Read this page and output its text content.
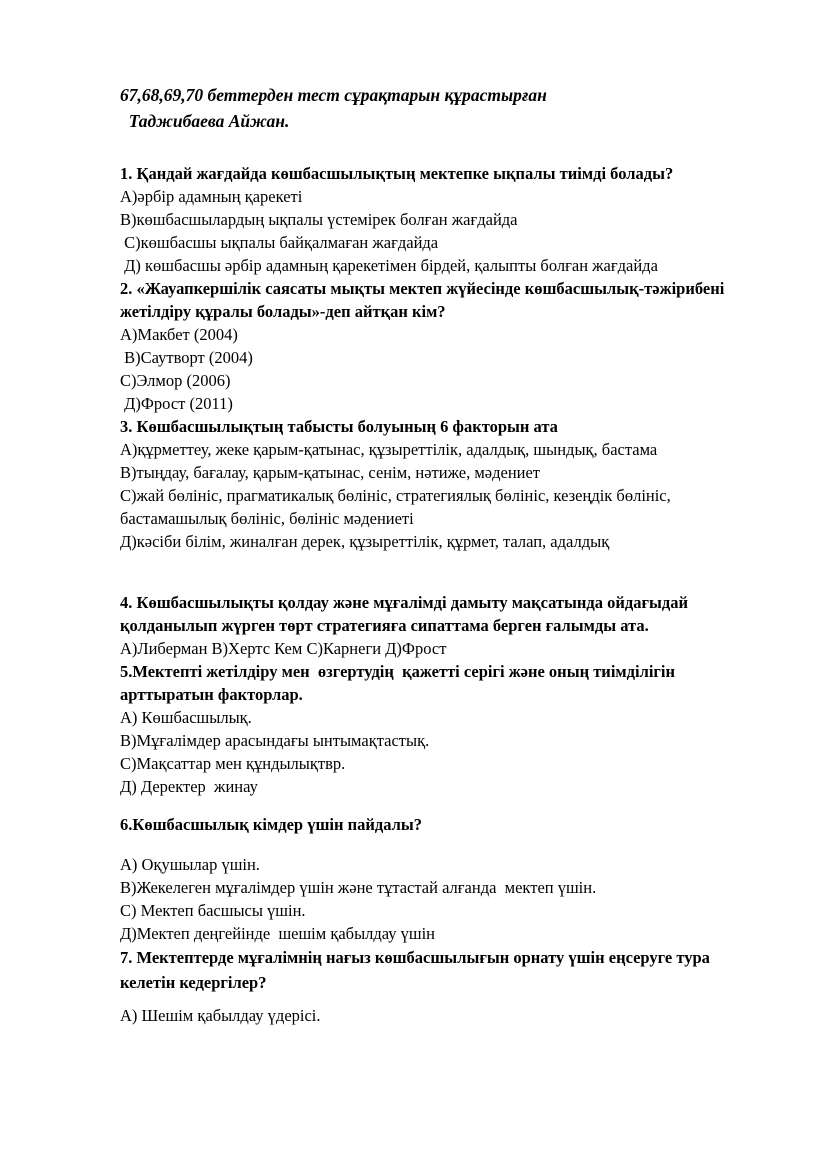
67,68,69,70 беттерден тест сұрақтарын құрастырған

Таджибаева Айжан.

1. Қандай жағдайда көшбасшылықтың мектепке ықпалы тиімді болады?

А)әрбір адамның қарекеті

В)көшбасшылардың ықпалы үстемірек болған жағдайда

С)көшбасшы ықпалы байқалмаған жағдайда

Д) көшбасшы әрбір адамның қарекетімен бірдей, қалыпты болған жағдайда

2. «Жауапкершілік саясаты мықты мектеп жүйесінде көшбасшылық-тәжірибені жетілдіру құралы болады»-деп айтқан кім?

А)Макбет (2004)

В)Саутворт (2004)

С)Элмор (2006)

Д)Фрост (2011)

3. Көшбасшылықтың табысты болуының 6 факторын ата

А)құрметтеу, жеке қарым-қатынас, құзыреттілік, адалдық, шындық, бастама

В)тыңдау, бағалау, қарым-қатынас, сенім, нәтиже, мәдениет

С)жай бөлініс, прагматикалық бөлініс, стратегиялық бөлініс, кезеңдік бөлініс, бастамашылық бөлініс, бөлініс мәдениеті

Д)кәсіби білім, жиналған дерек, құзыреттілік, құрмет, талап, адалдық

4. Көшбасшылықты қолдау және мұғалімді дамыту мақсатында ойдағыдай қолданылып жүрген төрт стратегияға сипаттама берген ғалымды ата.

А)Либерман В)Хертс Кем С)Карнеги Д)Фрост

5.Мектепті жетілдіру мен  өзгертудің  қажетті серігі және оның тиімділігін  арттыратын факторлар.

А) Көшбасшылық.

В)Мұғалімдер арасындағы ынтымақтастық.

С)Мақсаттар мен құндылықтвр.

Д) Деректер  жинау

6.Көшбасшылық кімдер үшін пайдалы?

А) Оқушылар үшін.

В)Жекелеген мұғалімдер үшін және тұтастай алғанда  мектеп үшін.

С) Мектеп басшысы үшін.

Д)Мектеп деңгейінде  шешім қабылдау үшін

7. Мектептерде мұғалімнің нағыз көшбасшылығын орнату үшін еңсеруге тура келетін кедергілер?

А) Шешім қабылдау үдерісі.
